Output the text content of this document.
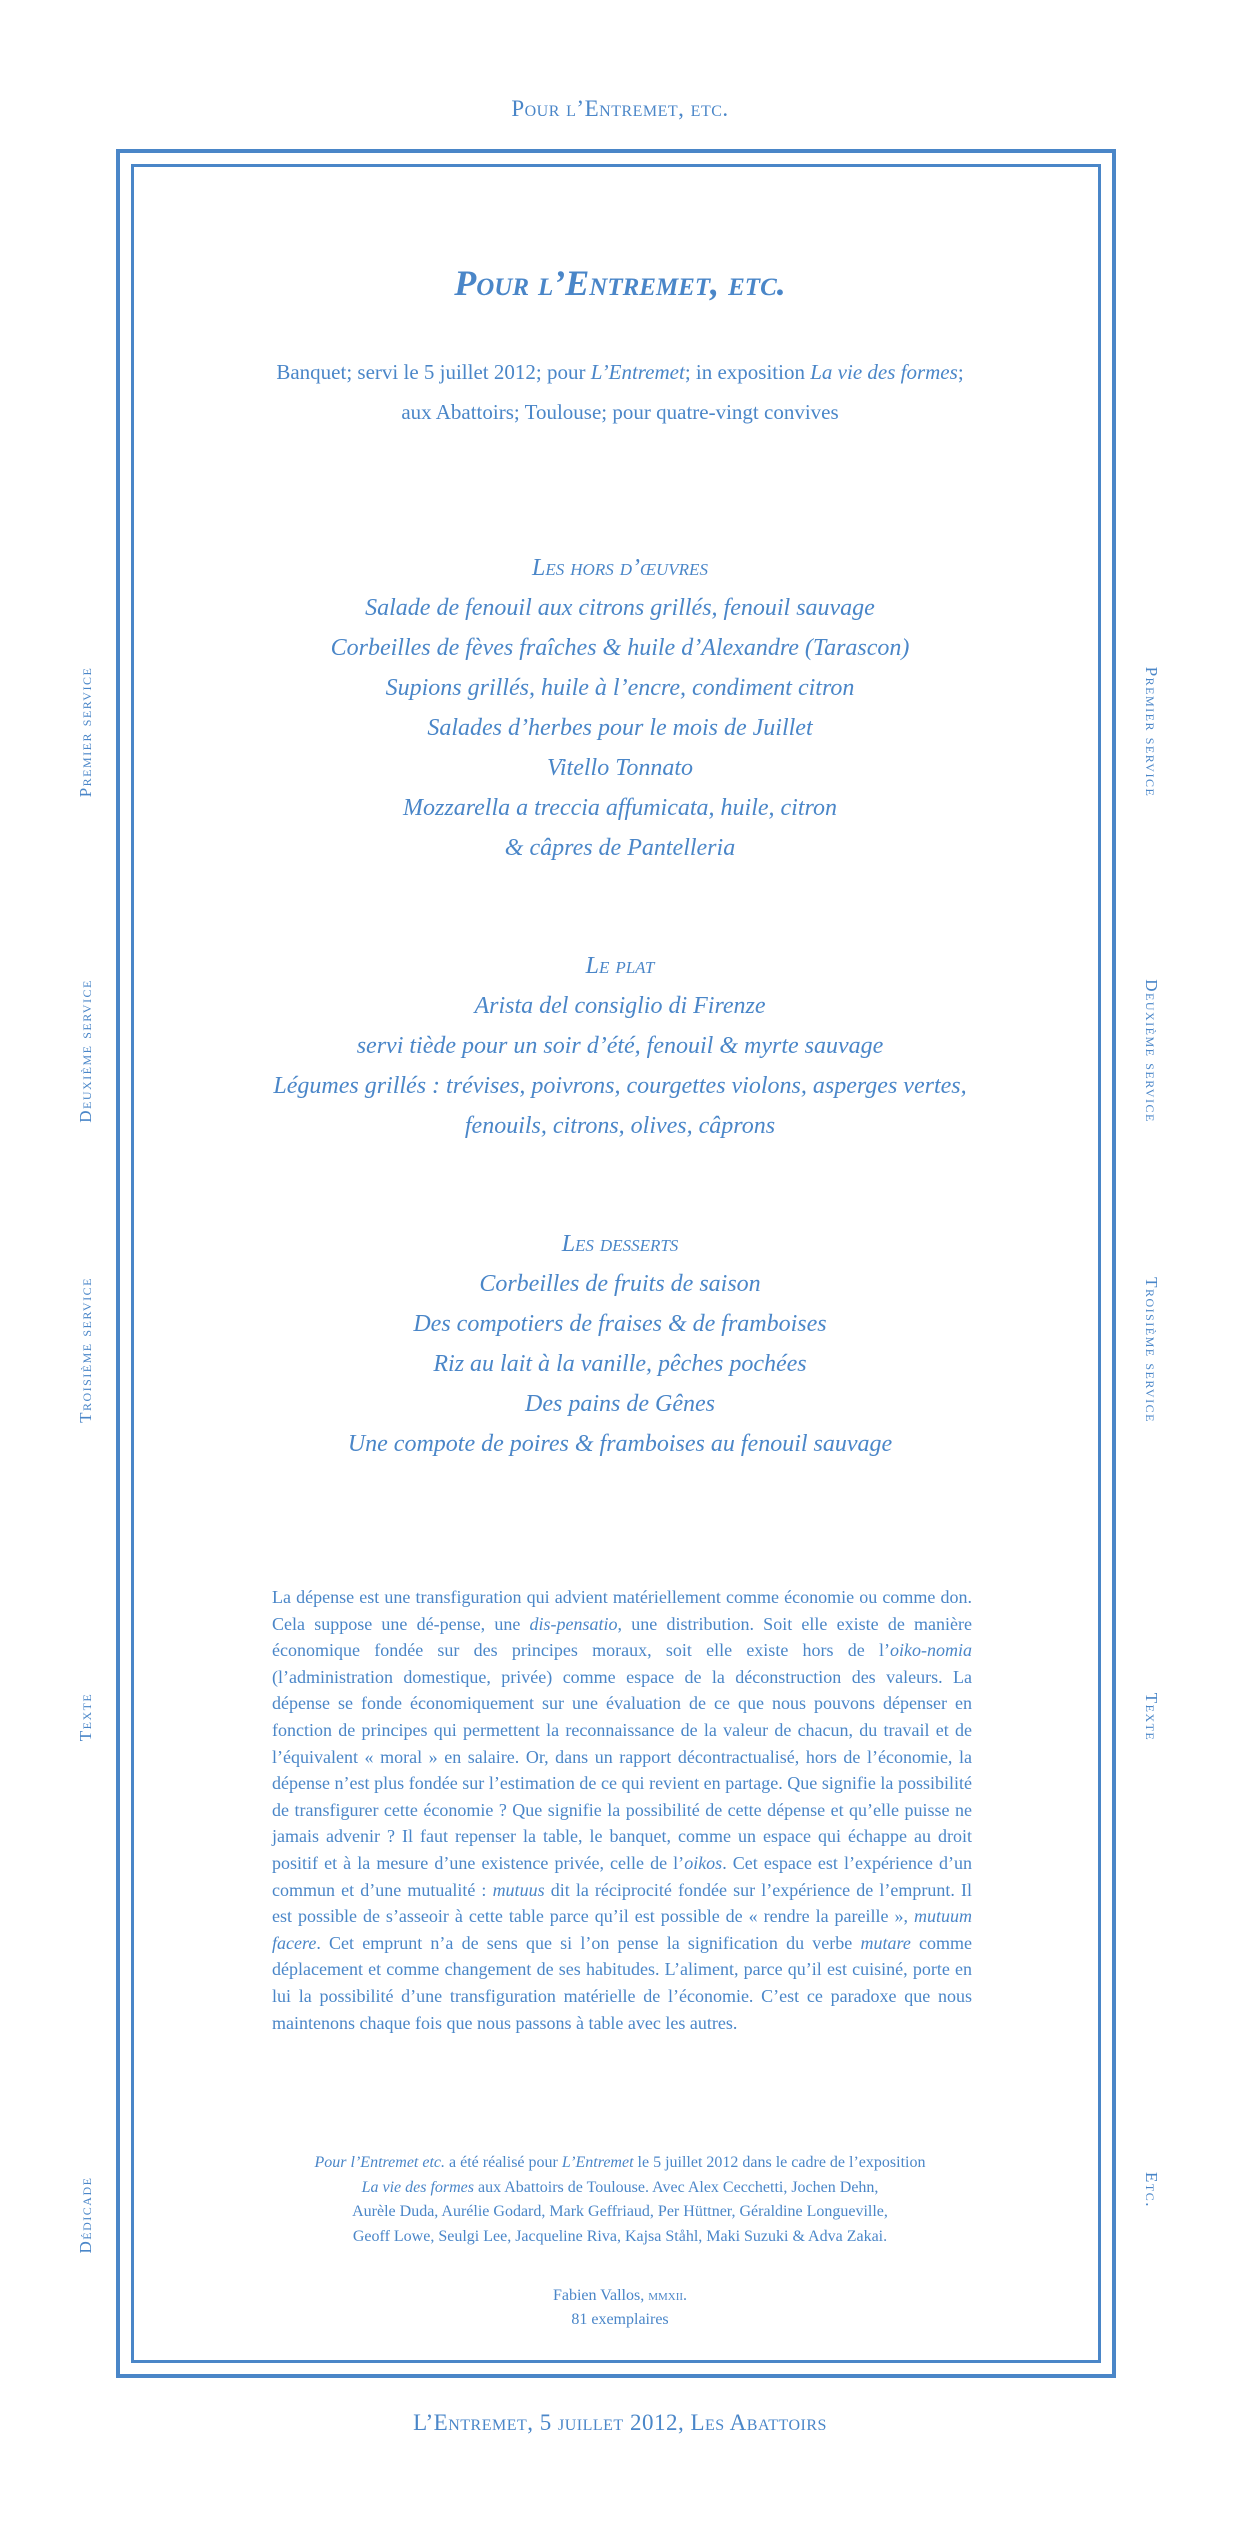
Pour l’Entremet, etc.
Premier service
Deuxième service
Troisième service
Texte
Dédicade
Premier service
Deuxième service
Troisième service
Texte
Etc.
Pour l’Entremet, etc.
Banquet; servi le 5 juillet 2012; pour L’Entremet; in exposition La vie des formes;
aux Abattoirs; Toulouse; pour quatre-vingt convives
Les hors d’œuvres
Salade de fenouil aux citrons grillés, fenouil sauvage
Corbeilles de fèves fraîches & huile d’Alexandre (Tarascon)
Supions grillés, huile à l’encre, condiment citron
Salades d’herbes pour le mois de Juillet
Vitello Tonnato
Mozzarella a treccia affumicata, huile, citron
& câpres de Pantelleria
Le plat
Arista del consiglio di Firenze
servi tiède pour un soir d’été, fenouil & myrte sauvage
Légumes grillés : trévises, poivrons, courgettes violons, asperges vertes,
fenouils, citrons, olives, câprons
Les desserts
Corbeilles de fruits de saison
Des compotiers de fraises & de framboises
Riz au lait à la vanille, pêches pochées
Des pains de Gênes
Une compote de poires & framboises au fenouil sauvage
La dépense est une transfiguration qui advient matériellement comme économie ou comme don. Cela suppose une dé-pense, une dis-pensatio, une distribution. Soit elle existe de manière économique fondée sur des principes moraux, soit elle existe hors de l’oiko-nomia (l’administration domestique, privée) comme espace de la déconstruction des valeurs. La dépense se fonde économiquement sur une évaluation de ce que nous pouvons dépenser en fonction de principes qui permettent la reconnaissance de la valeur de chacun, du travail et de l’équivalent « moral » en salaire. Or, dans un rapport décontractualisé, hors de l’économie, la dépense n’est plus fondée sur l’estimation de ce qui revient en partage. Que signifie la possibilité de transfigurer cette économie ? Que signifie la possibilité de cette dépense et qu’elle puisse ne jamais advenir ? Il faut repenser la table, le banquet, comme un espace qui échappe au droit positif et à la mesure d’une existence privée, celle de l’oikos. Cet espace est l’expérience d’un commun et d’une mutualité : mutuus dit la réciprocité fondée sur l’expérience de l’emprunt. Il est possible de s’asseoir à cette table parce qu’il est possible de « rendre la pareille », mutuum facere. Cet emprunt n’a de sens que si l’on pense la signification du verbe mutare comme déplacement et comme changement de ses habitudes. L’aliment, parce qu’il est cuisiné, porte en lui la possibilité d’une transfiguration matérielle de l’économie. C’est ce paradoxe que nous maintenons chaque fois que nous passons à table avec les autres.
Pour l’Entremet etc. a été réalisé pour L’Entremet le 5 juillet 2012 dans le cadre de l’exposition
La vie des formes aux Abattoirs de Toulouse. Avec Alex Cecchetti, Jochen Dehn,
Aurèle Duda, Aurélie Godard, Mark Geffriaud, Per Hüttner, Géraldine Longueville,
Geoff Lowe, Seulgi Lee, Jacqueline Riva, Kajsa Ståhl, Maki Suzuki & Adva Zakai.
Fabien Vallos, mmxii.
81 exemplaires
L’Entremet, 5 juillet 2012, Les Abattoirs
